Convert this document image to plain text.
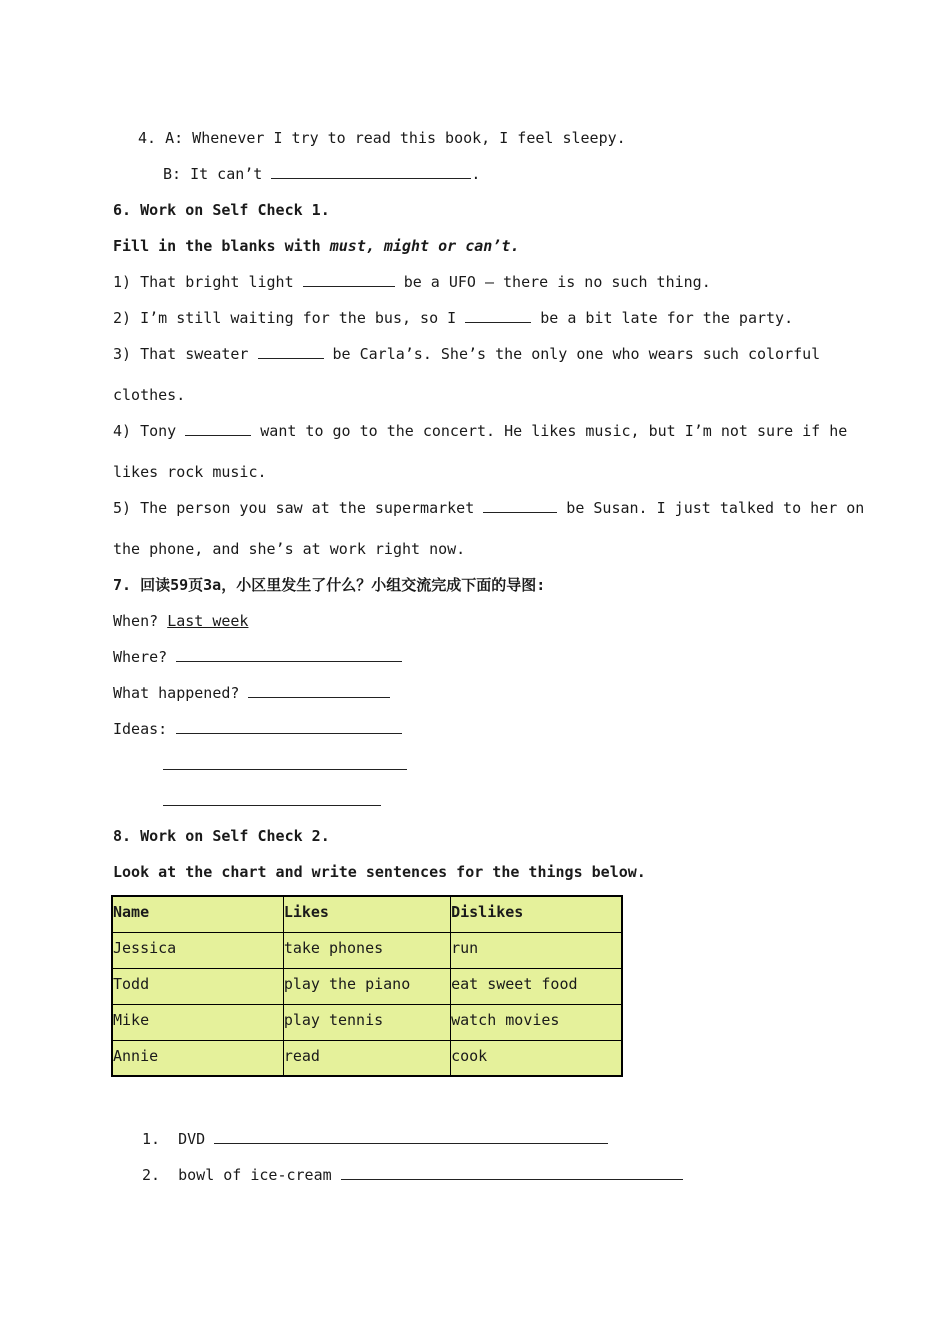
4. A: Whenever I try to read this book, I feel sleepy.
B: It can’t	.
6. Work on Self Check 1.
Fill in the blanks with must, might or can’t.
1) That bright light	be a UFO – there is no such thing.
2) I’m still waiting for the bus, so I	be a bit late for the party.
3) That sweater	be Carla’s. She’s the only one who wears such colorful
clothes.
4) Tony	want to go to the concert. He likes music, but I’m not sure if he
likes rock music.
5) The person you saw at the supermarket	be Susan. I just talked to her on
the phone, and she’s at work right now.
7. 回读59页3a，小区里发生了什么？小组交流完成下面的导图:
When? Last week
Where?
What happened?
Ideas:
8. Work on Self Check 2.
Look at the chart and write sentences for the things below.
Name	Likes	Dislikes
Jessica	take phones	run
Todd	play the piano	eat sweet food
Mike	play tennis	watch movies
Annie	read	cook
1. DVD
2. bowl of ice-cream
